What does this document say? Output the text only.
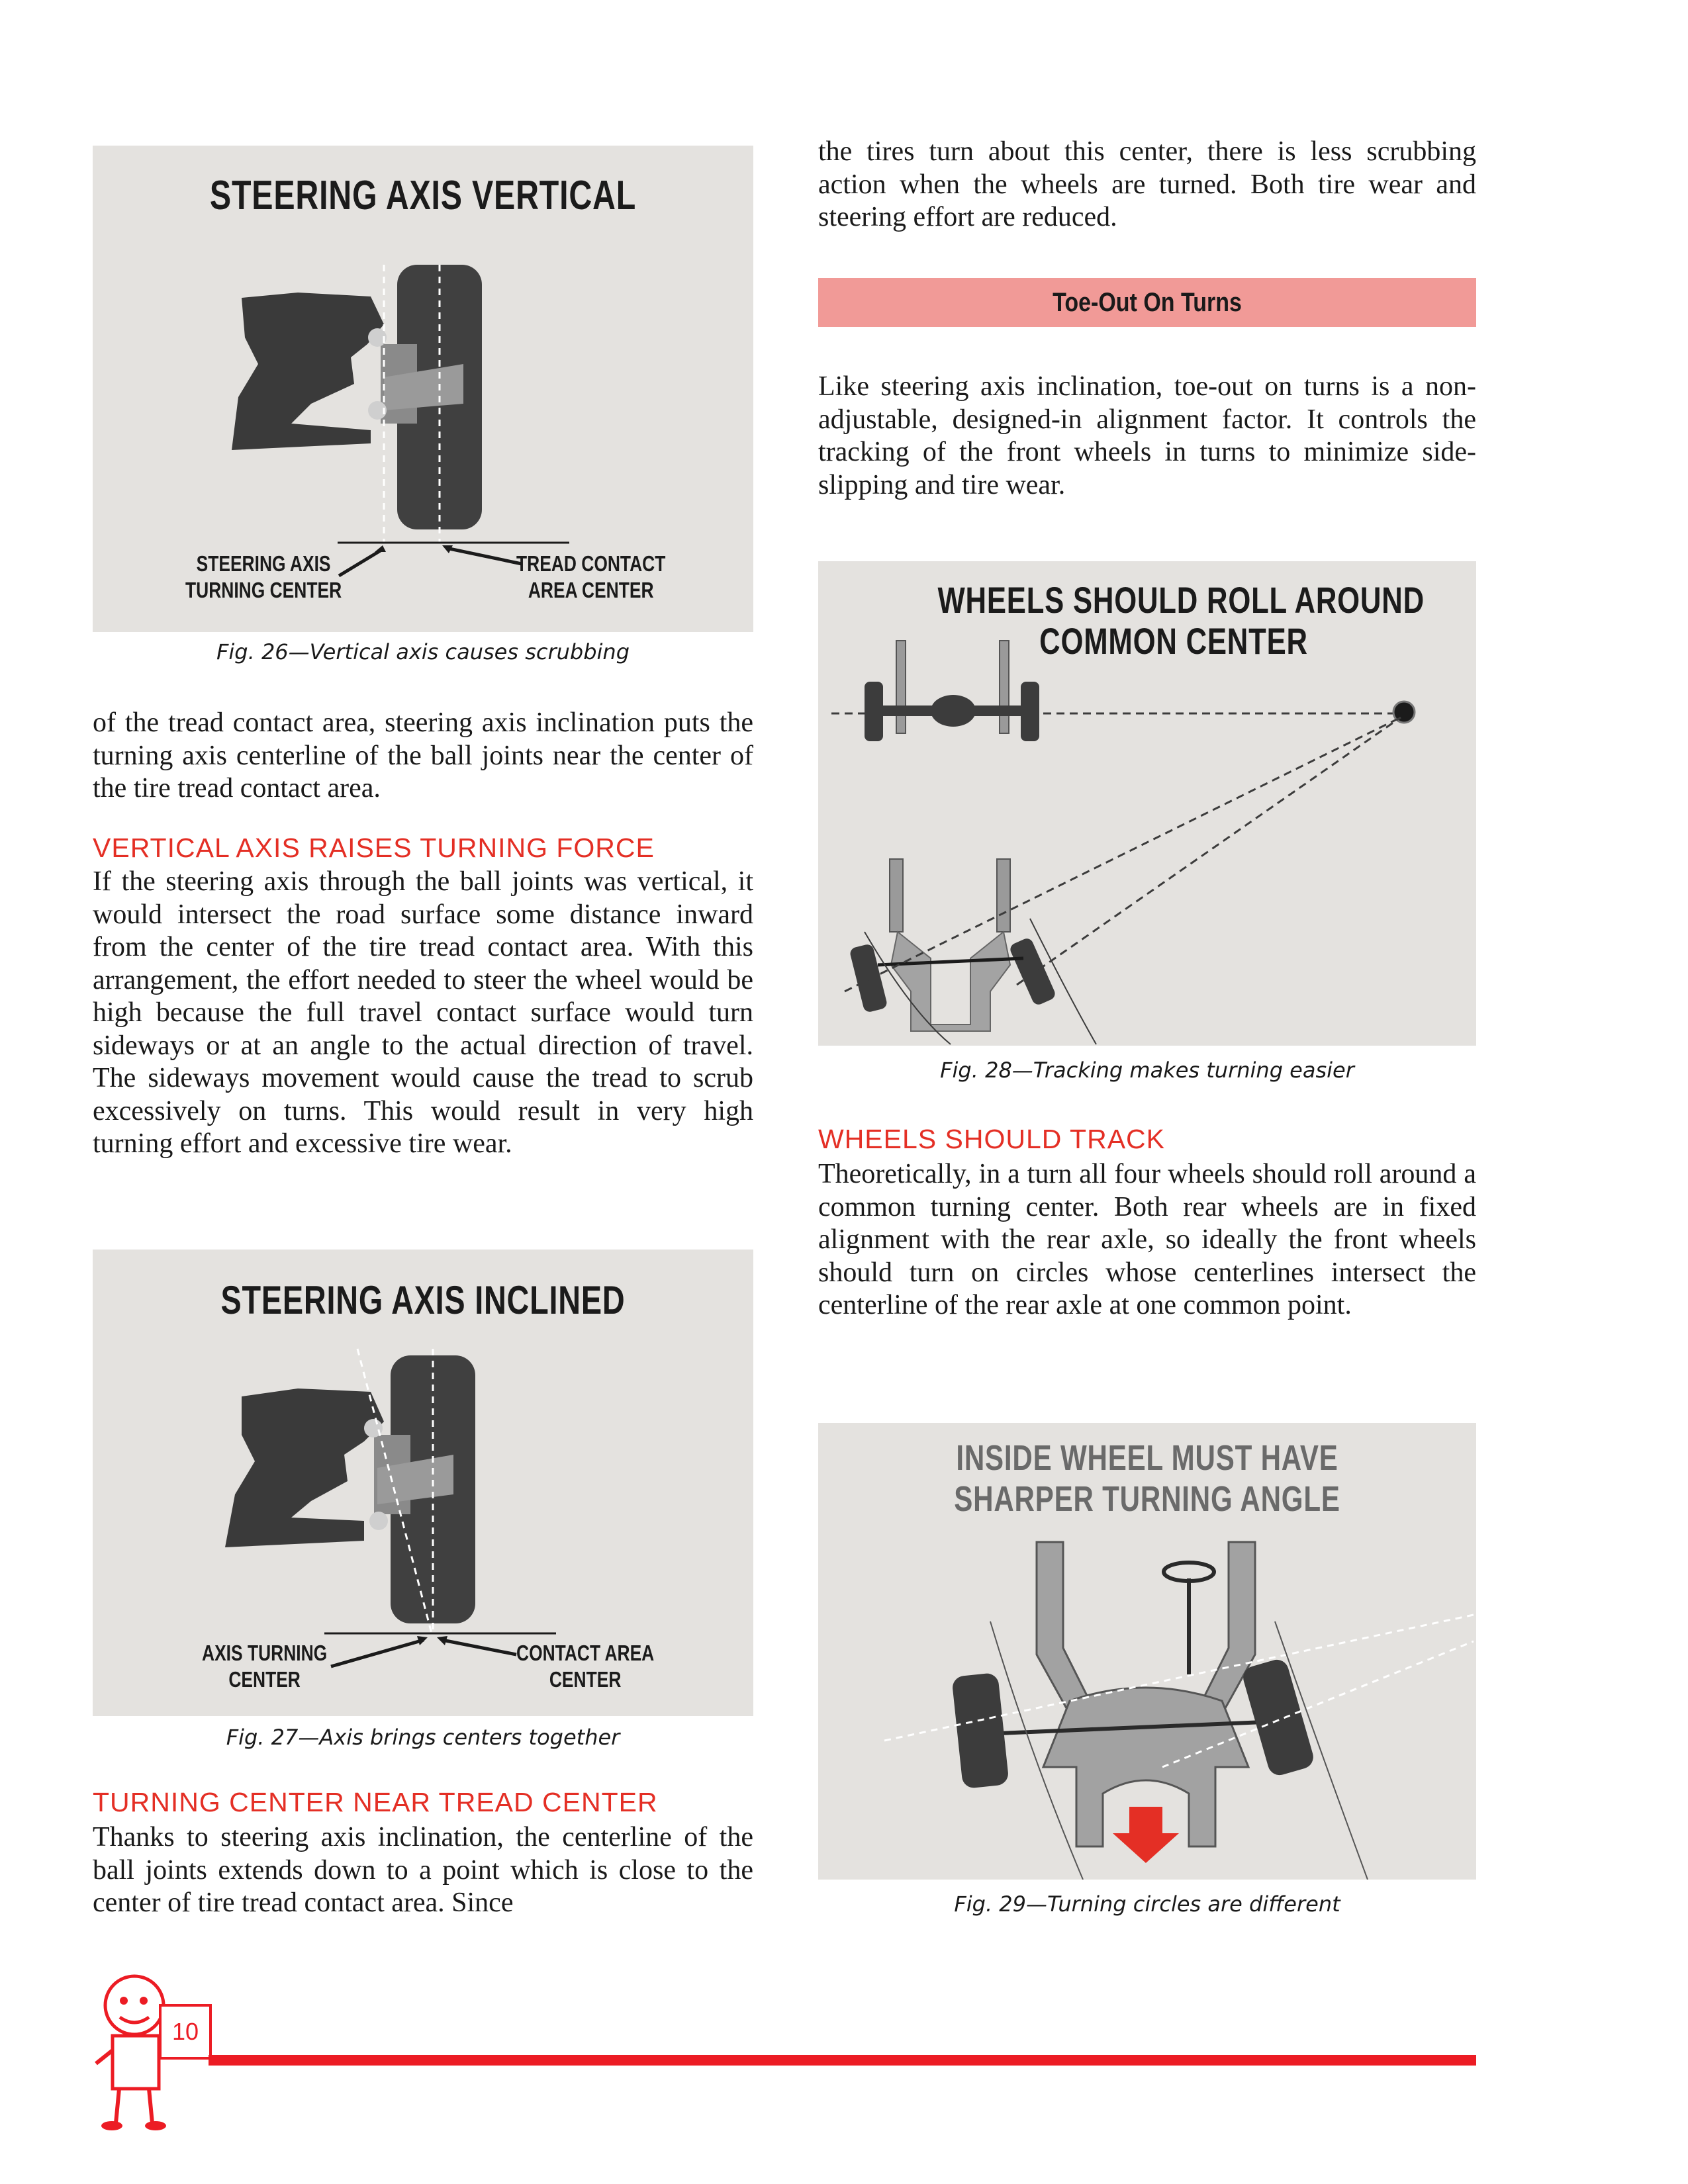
STEERING AXIS VERTICAL
STEERING AXIS
TURNING CENTER
TREAD CONTACT
AREA CENTER
Fig. 26—Vertical axis causes scrubbing
of the tread contact area, steering axis inclination puts the turning axis centerline of the ball joints near the center of the tire tread contact area.
VERTICAL AXIS RAISES TURNING FORCE
If the steering axis through the ball joints was vertical, it would intersect the road surface some distance inward from the center of the tire tread contact area. With this arrangement, the effort needed to steer the wheel would be high because the full travel contact surface would turn sideways or at an angle to the actual direction of travel. The sideways movement would cause the tread to scrub excessively on turns. This would result in very high turning effort and excessive tire wear.
STEERING AXIS INCLINED
AXIS TURNING
CENTER
CONTACT AREA
CENTER
Fig. 27—Axis brings centers together
TURNING CENTER NEAR TREAD CENTER
Thanks to steering axis inclination, the centerline of the ball joints extends down to a point which is close to the center of tire tread contact area. Since
the tires turn about this center, there is less scrubbing action when the wheels are turned. Both tire wear and steering effort are reduced.
Toe-Out On Turns
Like steering axis inclination, toe-out on turns is a non-adjustable, designed-in alignment factor. It controls the tracking of the front wheels in turns to minimize side-slipping and tire wear.
WHEELS SHOULD ROLL AROUND
COMMON CENTER
Fig. 28—Tracking makes turning easier
WHEELS SHOULD TRACK
Theoretically, in a turn all four wheels should roll around a common turning center. Both rear wheels are in fixed alignment with the rear axle, so ideally the front wheels should turn on circles whose centerlines intersect the centerline of the rear axle at one common point.
INSIDE WHEEL MUST HAVE
SHARPER TURNING ANGLE
Fig. 29—Turning circles are different
10
